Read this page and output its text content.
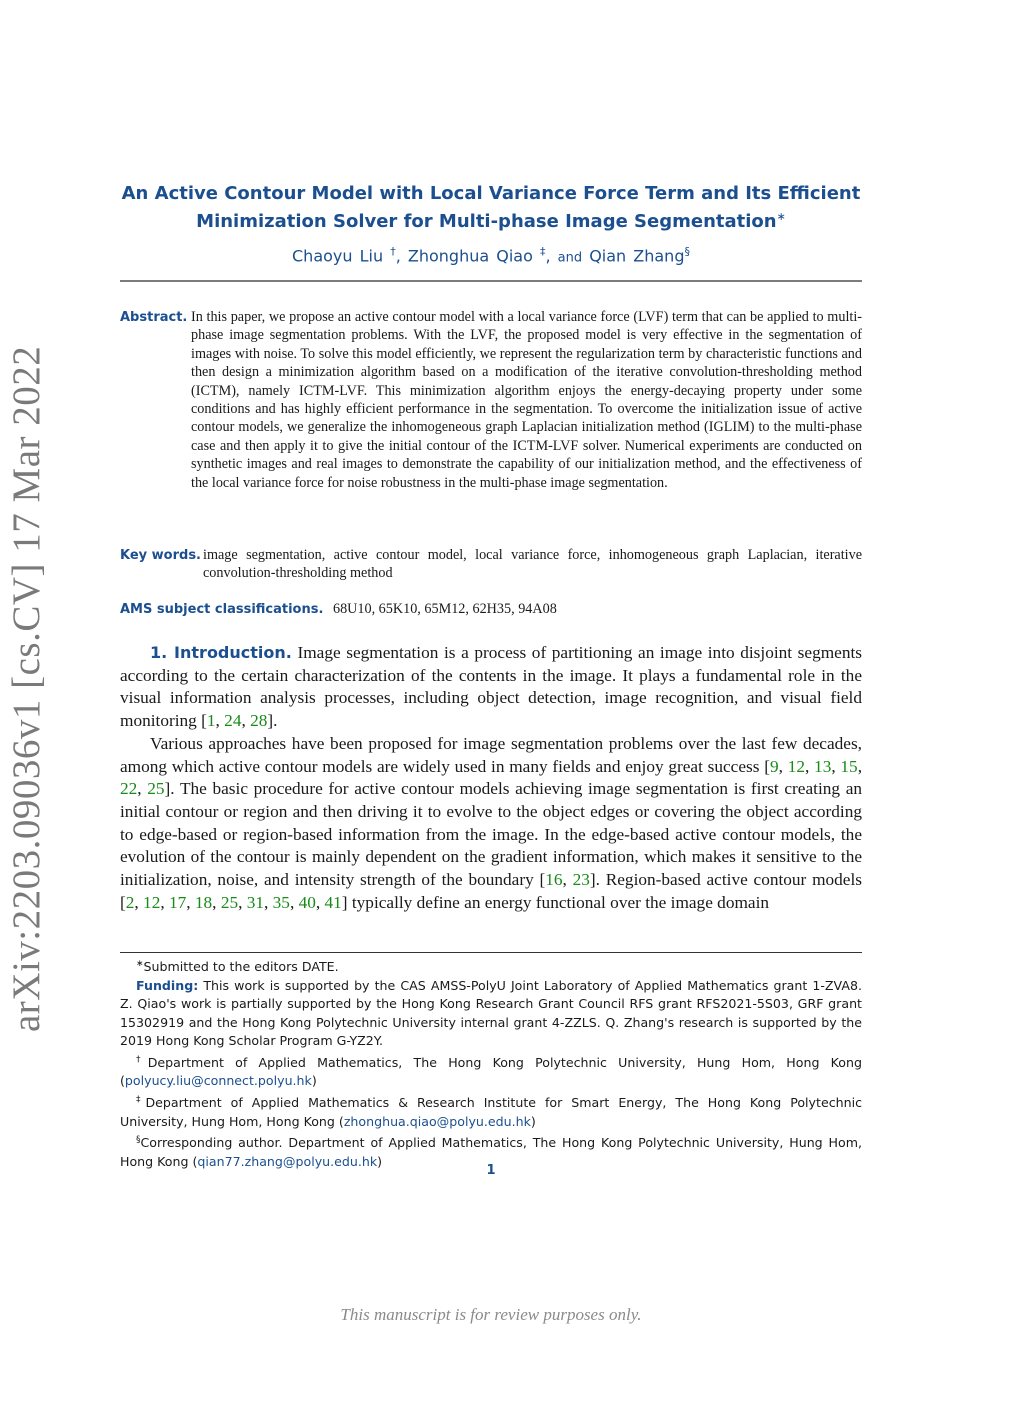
arXiv:2203.09036v1 [cs.CV] 17 Mar 2022
An Active Contour Model with Local Variance Force Term and Its Efficient
Minimization Solver for Multi-phase Image Segmentation∗
Chaoyu Liu †, Zhonghua Qiao ‡, and Qian Zhang§
Abstract. In this paper, we propose an active contour model with a local variance force (LVF) term that can be applied to multi-phase image segmentation problems. With the LVF, the proposed model is very effective in the segmentation of images with noise. To solve this model efficiently, we represent the regularization term by characteristic functions and then design a minimization algorithm based on a modification of the iterative convolution-thresholding method (ICTM), namely ICTM-LVF. This minimization algorithm enjoys the energy-decaying property under some conditions and has highly efficient performance in the segmentation. To overcome the initialization issue of active contour models, we generalize the inhomogeneous graph Laplacian initialization method (IGLIM) to the multi-phase case and then apply it to give the initial contour of the ICTM-LVF solver. Numerical experiments are conducted on synthetic images and real images to demonstrate the capability of our initialization method, and the effectiveness of the local variance force for noise robustness in the multi-phase image segmentation.
Key words. image segmentation, active contour model, local variance force, inhomogeneous graph Laplacian, iterative convolution-thresholding method
AMS subject classifications. 68U10, 65K10, 65M12, 62H35, 94A08

1. Introduction. Image segmentation is a process of partitioning an image into disjoint segments according to the certain characterization of the contents in the image. It plays a fundamental role in the visual information analysis processes, including object detection, image recognition, and visual field monitoring [1, 24, 28].

Various approaches have been proposed for image segmentation problems over the last few decades, among which active contour models are widely used in many fields and enjoy great success [9, 12, 13, 15, 22, 25]. The basic procedure for active contour models achieving image segmentation is first creating an initial contour or region and then driving it to evolve to the object edges or covering the object according to edge-based or region-based information from the image. In the edge-based active contour models, the evolution of the contour is mainly dependent on the gradient information, which makes it sensitive to the initialization, noise, and intensity strength of the boundary [16, 23]. Region-based active contour models [2, 12, 17, 18, 25, 31, 35, 40, 41] typically define an energy functional over the image domain

∗Submitted to the editors DATE.

Funding: This work is supported by the CAS AMSS-PolyU Joint Laboratory of Applied Mathematics grant 1-ZVA8. Z. Qiao's work is partially supported by the Hong Kong Research Grant Council RFS grant RFS2021-5S03, GRF grant 15302919 and the Hong Kong Polytechnic University internal grant 4-ZZLS. Q. Zhang's research is supported by the 2019 Hong Kong Scholar Program G-YZ2Y.

†Department of Applied Mathematics, The Hong Kong Polytechnic University, Hung Hom, Hong Kong (polyucy.liu@connect.polyu.hk)

‡Department of Applied Mathematics & Research Institute for Smart Energy, The Hong Kong Polytechnic University, Hung Hom, Hong Kong (zhonghua.qiao@polyu.edu.hk)

§Corresponding author. Department of Applied Mathematics, The Hong Kong Polytechnic University, Hung Hom, Hong Kong (qian77.zhang@polyu.edu.hk)

1
This manuscript is for review purposes only.
